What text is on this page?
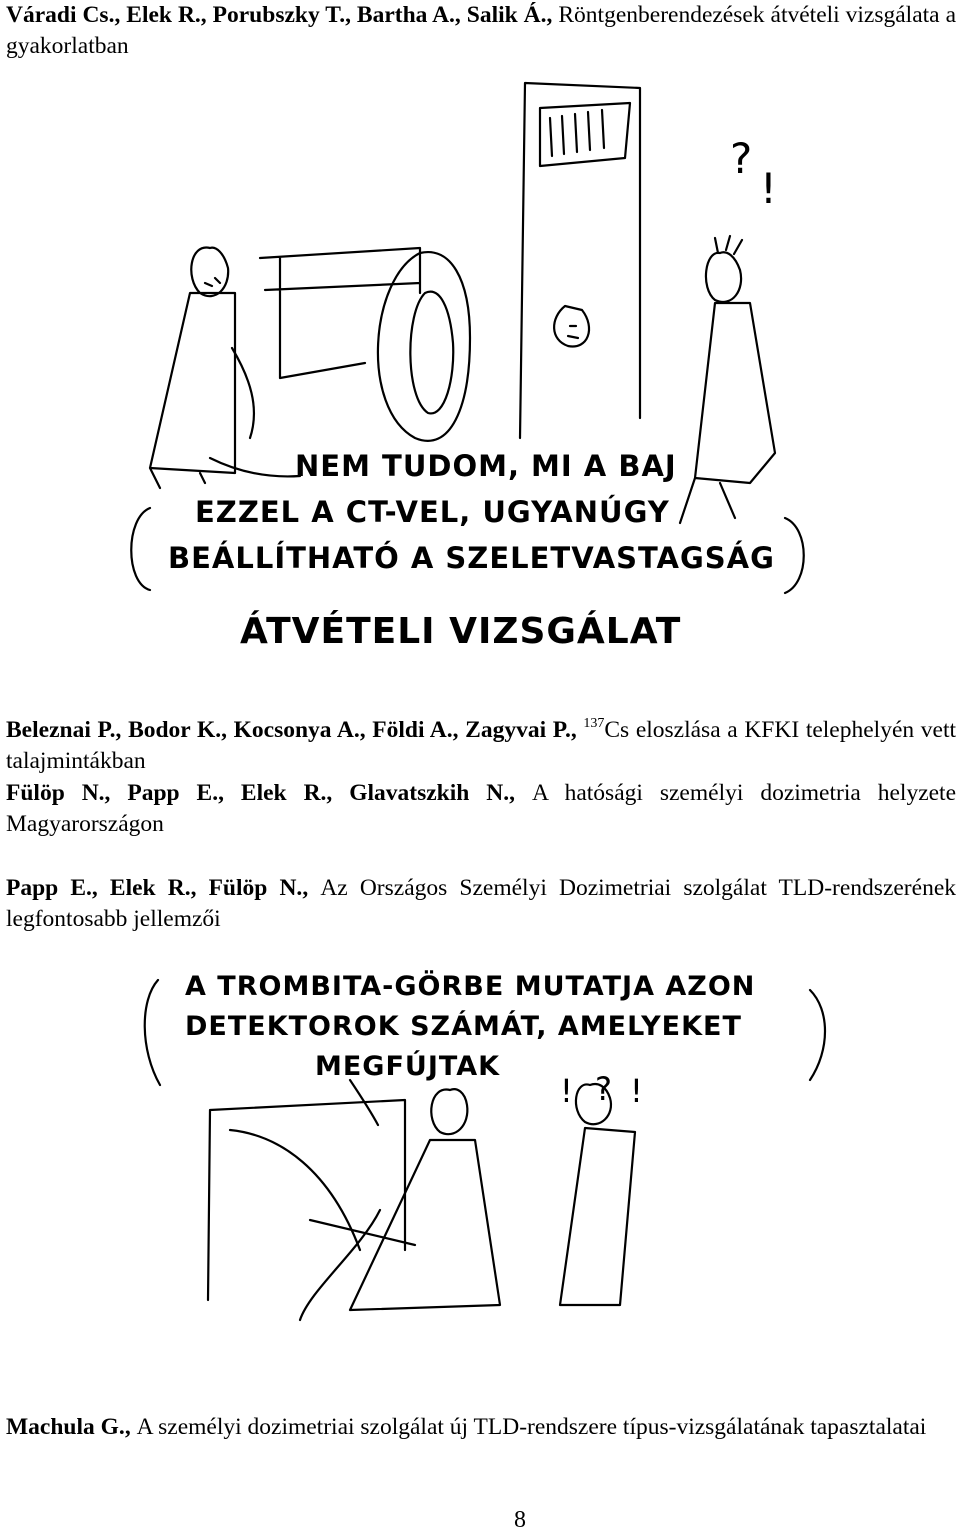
Váradi Cs., Elek R., Porubszky T., Bartha A., Salik Á., Röntgenberendezések átvételi vizsgálata a gyakorlatban
?
!
NEM TUDOM, MI A BAJ
EZZEL A CT-VEL, UGYANÚGY
BEÁLLÍTHATÓ A SZELETVASTAGSÁG
ÁTVÉTELI VIZSGÁLAT
Beleznai P., Bodor K., Kocsonya A., Földi A., Zagyvai P., $^{137}$Cs eloszlása a KFKI telephelyén vett talajmintákban
Fülöp N., Papp E., Elek R., Glavatszkih N., A hatósági személyi dozimetria helyzete Magyarországon
Papp E., Elek R., Fülöp N., Az Országos Személyi Dozimetriai szolgálat TLD-rendszerének legfontosabb jellemzői
A TROMBITA-GÖRBE MUTATJA AZON
DETEKTOROK SZÁMÁT, AMELYEKET
MEGFÚJTAK
! ? !
Machula G., A személyi dozimetriai szolgálat új TLD-rendszere típus-vizsgálatának tapasztalatai
8
